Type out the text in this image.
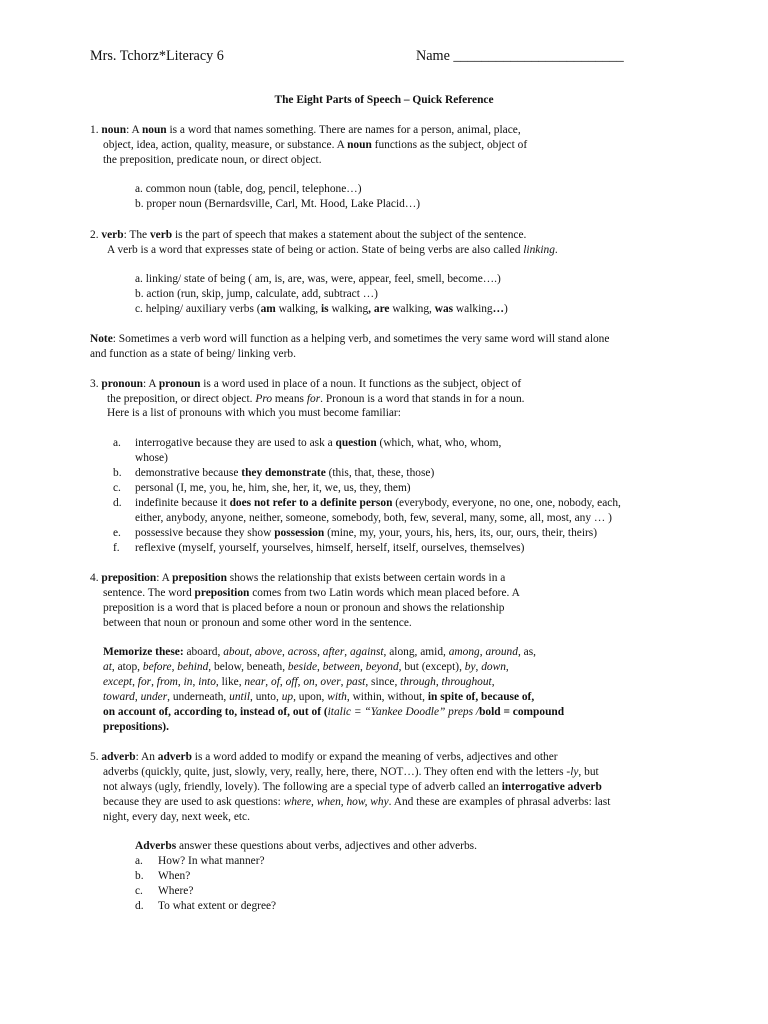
Mrs. Tchorz*Literacy 6	Name ________________________
The Eight Parts of Speech – Quick Reference
1. noun: A noun is a word that names something. There are names for a person, animal, place,
object, idea, action, quality, measure, or substance. A noun functions as the subject, object of
the preposition, predicate noun, or direct object.
a. common noun (table, dog, pencil, telephone…)
b. proper noun (Bernardsville, Carl, Mt. Hood, Lake Placid…)
2. verb: The verb is the part of speech that makes a statement about the subject of the sentence.
A verb is a word that expresses state of being or action. State of being verbs are also called linking.
a. linking/ state of being ( am, is, are, was, were, appear, feel, smell, become….)
b. action (run, skip, jump, calculate, add, subtract …)
c. helping/ auxiliary verbs (am walking, is walking, are walking, was walking…)
Note: Sometimes a verb word will function as a helping verb, and sometimes the very same word will stand alone
and function as a state of being/ linking verb.
3. pronoun: A pronoun is a word used in place of a noun. It functions as the subject, object of
the preposition, or direct object. Pro means for. Pronoun is a word that stands in for a noun.
Here is a list of pronouns with which you must become familiar:
a. interrogative because they are used to ask a question (which, what, who, whom,
whose)
b. demonstrative because they demonstrate (this, that, these, those)
c. personal (I, me, you, he, him, she, her, it, we, us, they, them)
d. indefinite because it does not refer to a definite person (everybody, everyone, no one, one, nobody, each,
either, anybody, anyone, neither, someone, somebody, both, few, several, many, some, all, most, any … )
e. possessive because they show possession (mine, my, your, yours, his, hers, its, our, ours, their, theirs)
f. reflexive (myself, yourself, yourselves, himself, herself, itself, ourselves, themselves)
4. preposition: A preposition shows the relationship that exists between certain words in a
sentence. The word preposition comes from two Latin words which mean placed before. A
preposition is a word that is placed before a noun or pronoun and shows the relationship
between that noun or pronoun and some other word in the sentence.
Memorize these: aboard, about, above, across, after, against, along, amid, among, around, as,
at, atop, before, behind, below, beneath, beside, between, beyond, but (except), by, down,
except, for, from, in, into, like, near, of, off, on, over, past, since, through, throughout,
toward, under, underneath, until, unto, up, upon, with, within, without, in spite of, because of,
on account of, according to, instead of, out of (italic = “Yankee Doodle” preps /bold = compound
prepositions).
5. adverb: An adverb is a word added to modify or expand the meaning of verbs, adjectives and other
adverbs (quickly, quite, just, slowly, very, really, here, there, NOT…). They often end with the letters -ly, but
not always (ugly, friendly, lovely). The following are a special type of adverb called an interrogative adverb
because they are used to ask questions: where, when, how, why. And these are examples of phrasal adverbs: last
night, every day, next week, etc.
Adverbs answer these questions about verbs, adjectives and other adverbs.
a. How? In what manner?
b. When?
c. Where?
d. To what extent or degree?
